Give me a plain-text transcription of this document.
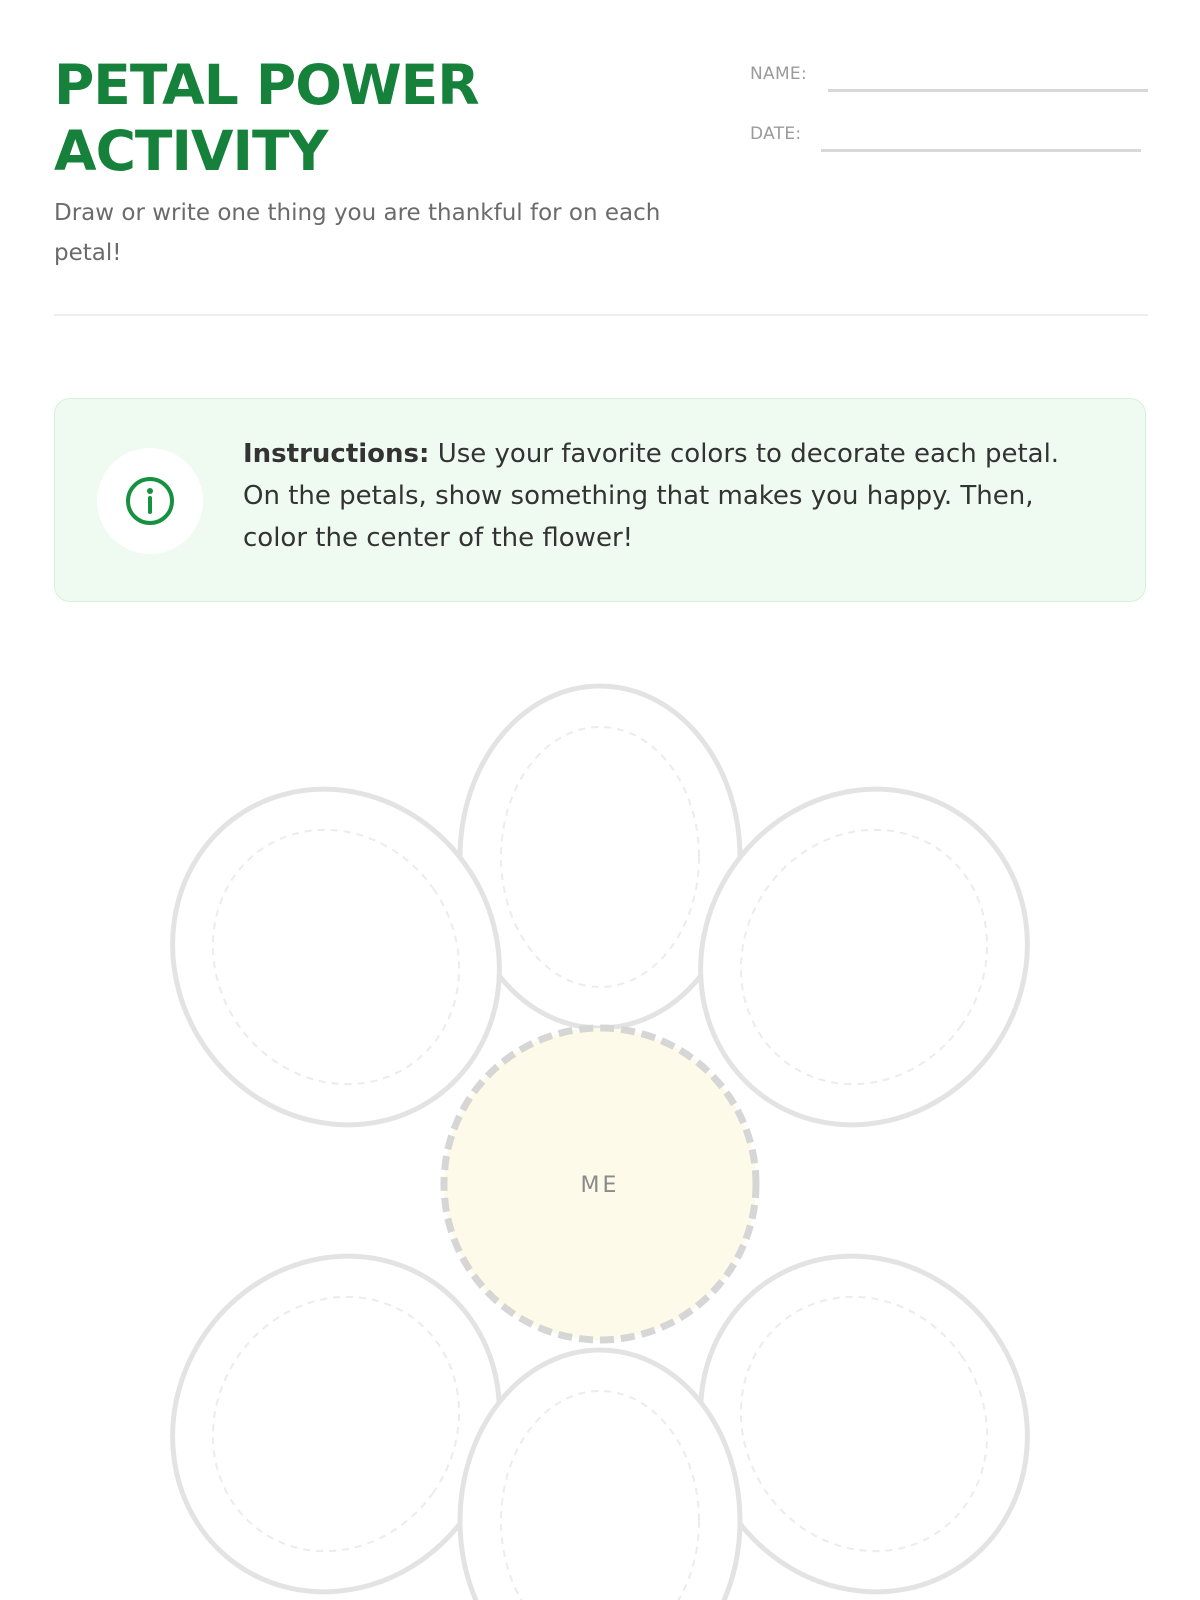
PETAL POWER ACTIVITY

Draw or write one thing you are thankful for on each petal!

NAME:
DATE:

Instructions: Use your favorite colors to decorate each petal. On the petals, show something that makes you happy. Then, color the center of the flower!

ME
